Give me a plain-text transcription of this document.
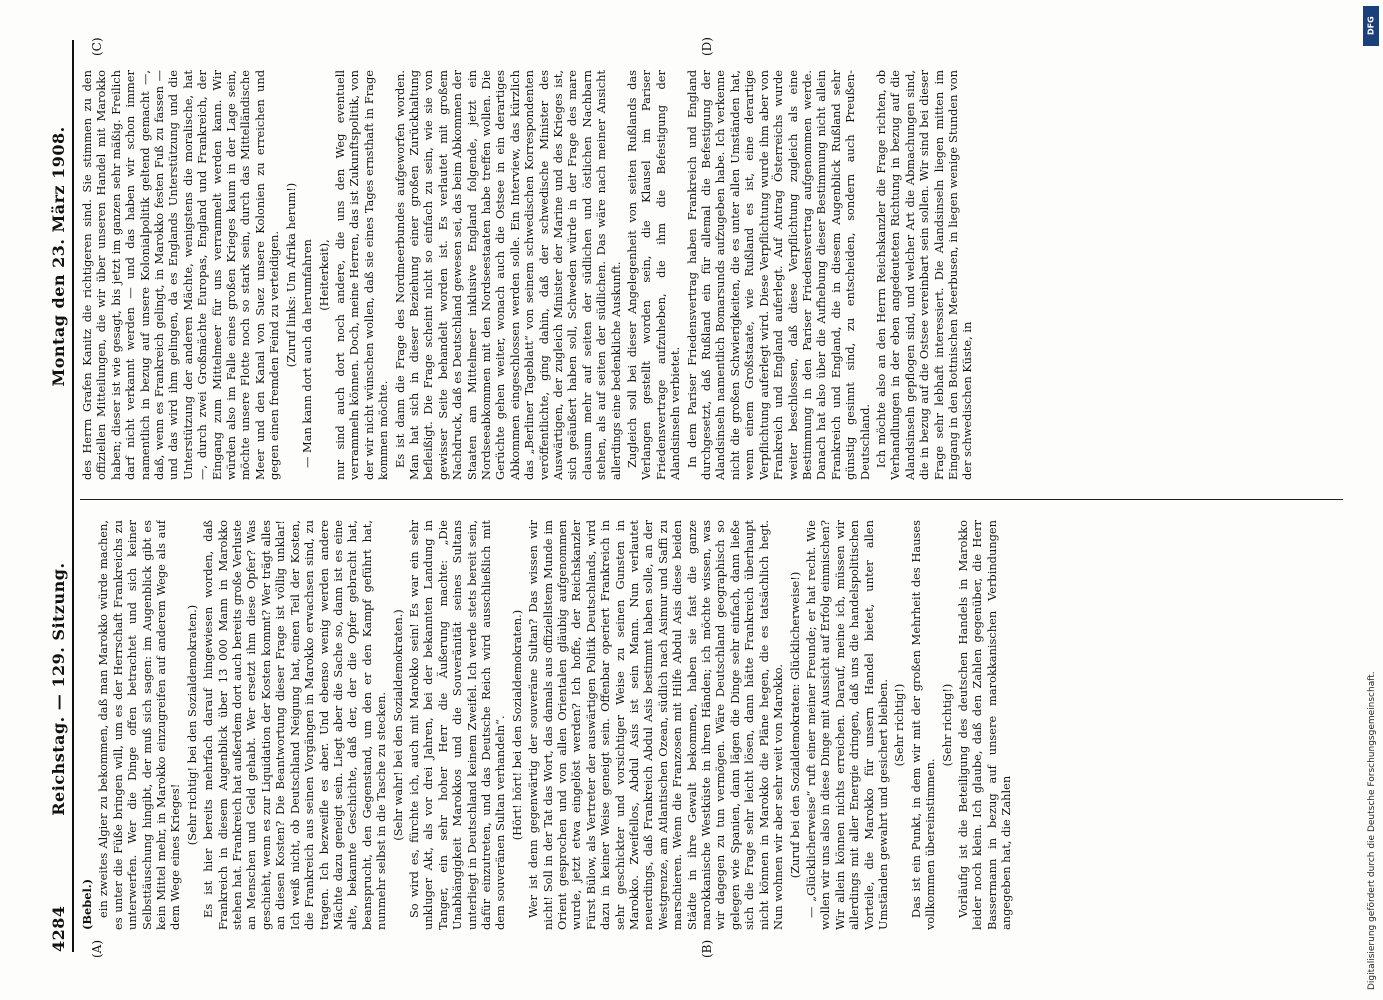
4284
Reichstag. — 129. Sitzung.
Montag den 23. März 1908.
(A)	(B)
(C)	(D)

(Bebel.) ein zweites Algier zu bekommen, daß man Marokko würde machen, es unter die Füße bringen will, um es der Herrschaft Frankreichs zu unterwerfen. Wer die Dinge offen betrachtet und sich keiner Selbsttäuschung hingibt, der muß sich sagen: im Augenblick gibt es kein Mittel mehr, in Marokko einzugreifen auf anderem Wege als auf dem Wege eines Krieges!

(Sehr richtig! bei den Sozialdemokraten.) Es ist hier bereits mehrfach darauf hingewiesen worden, daß Frankreich in diesem Augenblick über 13 000 Mann in Marokko stehen hat. Frankreich hat außerdem dort auch bereits große Verluste an Menschen und Geld gehabt. Wer ersetzt ihm diese Opfer? Was geschieht, wenn es zur Liquidation der Kosten kommt? Wer trägt alles an diesen Kosten? Die Beantwortung dieser Frage ist völlig unklar! Ich weiß nicht, ob Deutschland Neigung hat, einen Teil der Kosten, die Frankreich aus seinen Vorgängen in Marokko erwachsen sind, zu tragen. Ich bezweifle es aber. Und ebenso wenig werden andere Mächte dazu geneigt sein. Liegt aber die Sache so, dann ist es eine alte, bekannte Geschichte, daß der, der die Opfer gebracht hat, beansprucht, den Gegenstand, um den er den Kampf geführt hat, nunmehr selbst in die Tasche zu stecken. (Sehr wahr! bei den Sozialdemokraten.) So wird es, fürchte ich, auch mit Marokko sein! Es war ein sehr unkluger Akt, als vor drei Jahren, bei der bekannten Landung in Tanger, ein sehr hoher Herr die Äußerung machte: „Die Unabhängigkeit Marokkos und die Souveränität seines Sultans unterliegt in Deutschland keinem Zweifel. Ich werde stets bereit sein, dafür einzutreten, und das Deutsche Reich wird ausschließlich mit dem souveränen Sultan verhandeln“. (Hört! hört! bei den Sozialdemokraten.) Wer ist denn gegenwärtig der souveräne Sultan? Das wissen wir nicht! Soll in der Tat das Wort, das damals aus offiziellstem Munde im Orient gesprochen und von allen Orientalen gläubig aufgenommen wurde, jetzt etwa eingelöst werden? Ich hoffe, der Reichskanzler Fürst Bülow, als Vertreter der auswärtigen Politik Deutschlands, wird dazu in keiner Weise geneigt sein. Offenbar operiert Frankreich in sehr geschickter und vorsichtiger Weise zu seinen Gunsten in Marokko. Zweifellos, Abdul Asis ist sein Mann. Nun verlautet neuerdings, daß Frankreich Abdul Asis bestimmt haben solle, an der Westgrenze, am Atlantischen Ozean, südlich nach Asimur und Saffi zu marschieren. Wenn die Franzosen mit Hilfe Abdul Asis diese beiden Städte in ihre Gewalt bekommen, haben sie fast die ganze marokkanische Westküste in ihren Händen; ich möchte wissen, was wir dagegen zu tun vermögen. Wäre Deutschland geographisch so gelegen wie Spanien, dann lägen die Dinge sehr einfach, dann ließe sich die Frage sehr leicht lösen, dann hätte Frankreich überhaupt nicht können in Marokko die Pläne hegen, die es tatsächlich hegt. Nun wohnen wir aber sehr weit von Marokko. (Zuruf bei den Sozialdemokraten: Glücklicherweise!) — „Glücklicherweise“ ruft einer meiner Freunde; er hat recht. Wie wollen wir uns also in diese Dinge mit Aussicht auf Erfolg einmischen? Wir allein können nichts erreichen. Darauf, meine ich, müssen wir allerdings mit aller Energie dringen, daß uns die handelspolitischen Vorteile, die Marokko für unsern Handel bietet, unter allen Umständen gewahrt und gesichert bleiben. (Sehr richtig!) Das ist ein Punkt, in dem wir mit der großen Mehrheit des Hauses vollkommen übereinstimmen.

(Sehr richtig!) Vorläufig ist die Beteiligung des deutschen Handels in Marokko leider noch klein. Ich glaube, daß den Zahlen gegenüber, die Herr Bassermann in bezug auf unsere marokkanischen Verbindungen angegeben hat, die Zahlen

des Herrn Grafen Kanitz die richtigeren sind. Sie stimmen zu den offiziellen Mitteilungen, die wir über unseren Handel mit Marokko haben; dieser ist wie gesagt, bis jetzt im ganzen sehr mäßig. Freilich darf nicht verkannt werden — und das haben wir schon immer namentlich in bezug auf unsere Kolonialpolitik geltend gemacht —, daß, wenn es Frankreich gelingt, in Marokko festen Fuß zu fassen — und das wird ihm gelingen, da es Englands Unterstützung und die Unterstützung der anderen Mächte, wenigstens die moralische, hat —, durch zwei Großmächte Europas, England und Frankreich, der Eingang zum Mittelmeer für uns verrammelt werden kann. Wir würden also im Falle eines großen Krieges kaum in der Lage sein, möchte unsere Flotte noch so stark sein, durch das Mittelländische Meer und den Kanal von Suez unsere Kolonien zu erreichen und gegen einen fremden Feind zu verteidigen. (Zuruf links: Um Afrika herum!) — Man kann dort auch da herumfahren (Heiterkeit), nur sind auch dort noch andere, die uns den Weg eventuell verrammeln können. Doch, meine Herren, das ist Zukunftspolitik, von der wir nicht wünschen wollen, daß sie eines Tages ernsthaft in Frage kommen möchte. Es ist dann die Frage des Nordmeerbundes aufgeworfen worden. Man hat sich in dieser Beziehung einer großen Zurückhaltung befleißigt. Die Frage scheint nicht so einfach zu sein, wie sie von gewisser Seite behandelt worden ist. Es verlautet mit großem Nachdruck, daß es Deutschland gewesen sei, das beim Abkommen der Staaten am Mittelmeer inklusive England folgende, jetzt ein Nordseeabkommen mit den Nordseestaaten habe treffen wollen. Die Gerüchte gehen weiter, wonach auch die Ostsee in ein derartiges Abkommen eingeschlossen werden solle. Ein Interview, das kürzlich das „Berliner Tageblatt“ von seinem schwedischen Korrespondenten veröffentlichte, ging dahin, daß der schwedische Minister des Auswärtigen, der zugleich Minister der Marine und des Krieges ist, sich geäußert haben soll, Schweden würde in der Frage des mare clausum mehr auf seiten der südlichen und östlichen Nachbarn stehen, als auf seiten der südlichen. Das wäre nach meiner Ansicht allerdings eine bedenkliche Auskunft. Zugleich soll bei dieser Angelegenheit von seiten Rußlands das Verlangen gestellt worden sein, die Klausel im Pariser Friedensvertrage aufzuheben, die ihm die Befestigung der Alandsinseln verbietet. In dem Pariser Friedensvertrag haben Frankreich und England durchgesetzt, daß Rußland ein für allemal die Befestigung der Alandsinseln namentlich Bomarsunds aufzugeben habe. Ich verkenne nicht die großen Schwierigkeiten, die es unter allen Umständen hat, wenn einem Großstaate, wie Rußland es ist, eine derartige Verpflichtung auferlegt wird. Diese Verpflichtung wurde ihm aber von Frankreich und England auferlegt. Auf Antrag Österreichs wurde weiter beschlossen, daß diese Verpflichtung zugleich als eine Bestimmung in den Pariser Friedensvertrag aufgenommen werde. Danach hat also über die Aufhebung dieser Bestimmung nicht allein Frankreich und England, die in diesem Augenblick Rußland sehr günstig gesinnt sind, zu entscheiden, sondern auch Preußen-Deutschland. Ich möchte also an den Herrn Reichskanzler die Frage richten, ob Verhandlungen in der eben angedeuteten Richtung in bezug auf die Alandsinseln gepflogen sind, und welcher Art die Abmachungen sind, die in bezug auf die Ostsee vereinbart sein sollen. Wir sind bei dieser Frage sehr lebhaft interessiert. Die Alandsinseln liegen mitten im Eingang in den Bottnischen Meerbusen, in liegen wenige Stunden von der schwedischen Küste, in

DFG
Digitalisierung gefördert durch die Deutsche Forschungsgemeinschaft.
